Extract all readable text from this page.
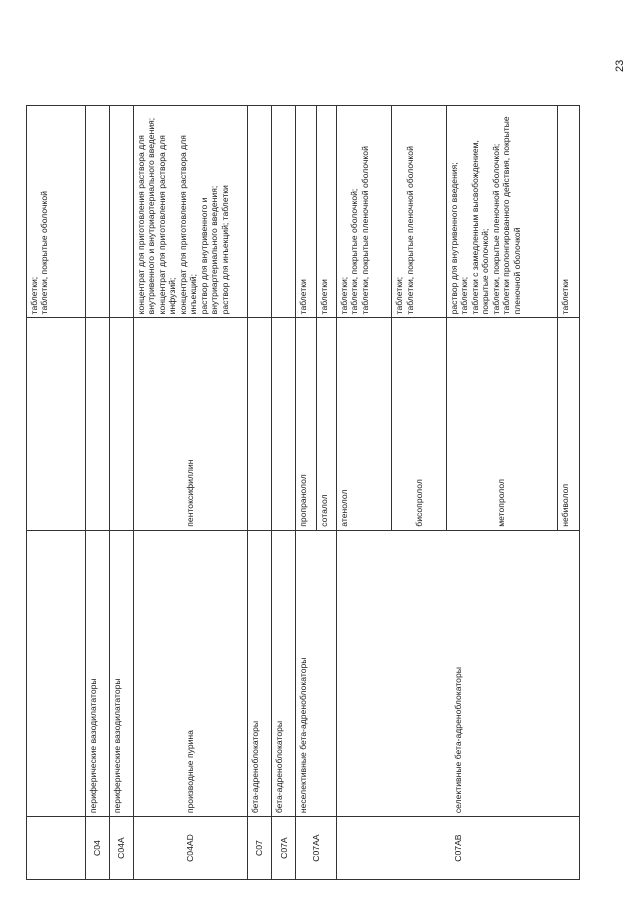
23

			таблетки; таблетки, покрытые оболочкой

C04	периферические вазодилататоры		
C04A	периферические вазодилататоры		
C04AD	производные пурина	пентоксифиллин	концентрат для приготовления раствора для внутривенного и внутриартериального введения; концентрат для приготовления раствора для инфузий; концентрат для приготовления раствора для инъекций; раствор для внутривенного и внутриартериального введения; раствор для инъекций; таблетки

C07	бета-адреноблокаторы		
C07A	бета-адреноблокаторы		
C07AA	неселективные бета-адреноблокаторы	пропранолол	таблетки
		соталол	таблетки
C07AB	селективные бета-адреноблокаторы	атенолол	таблетки; таблетки, покрытые оболочкой; таблетки, покрытые пленочной оболочкой

		бисопролол	таблетки; таблетки, покрытые пленочной оболочкой

		метопролол	раствор для внутривенного введения; таблетки; таблетки с замедленным высвобождением, покрытые оболочкой; таблетки, покрытые пленочной оболочкой; таблетки пролонгированного действия, покрытые пленочной оболочкой

		небиволол	таблетки
